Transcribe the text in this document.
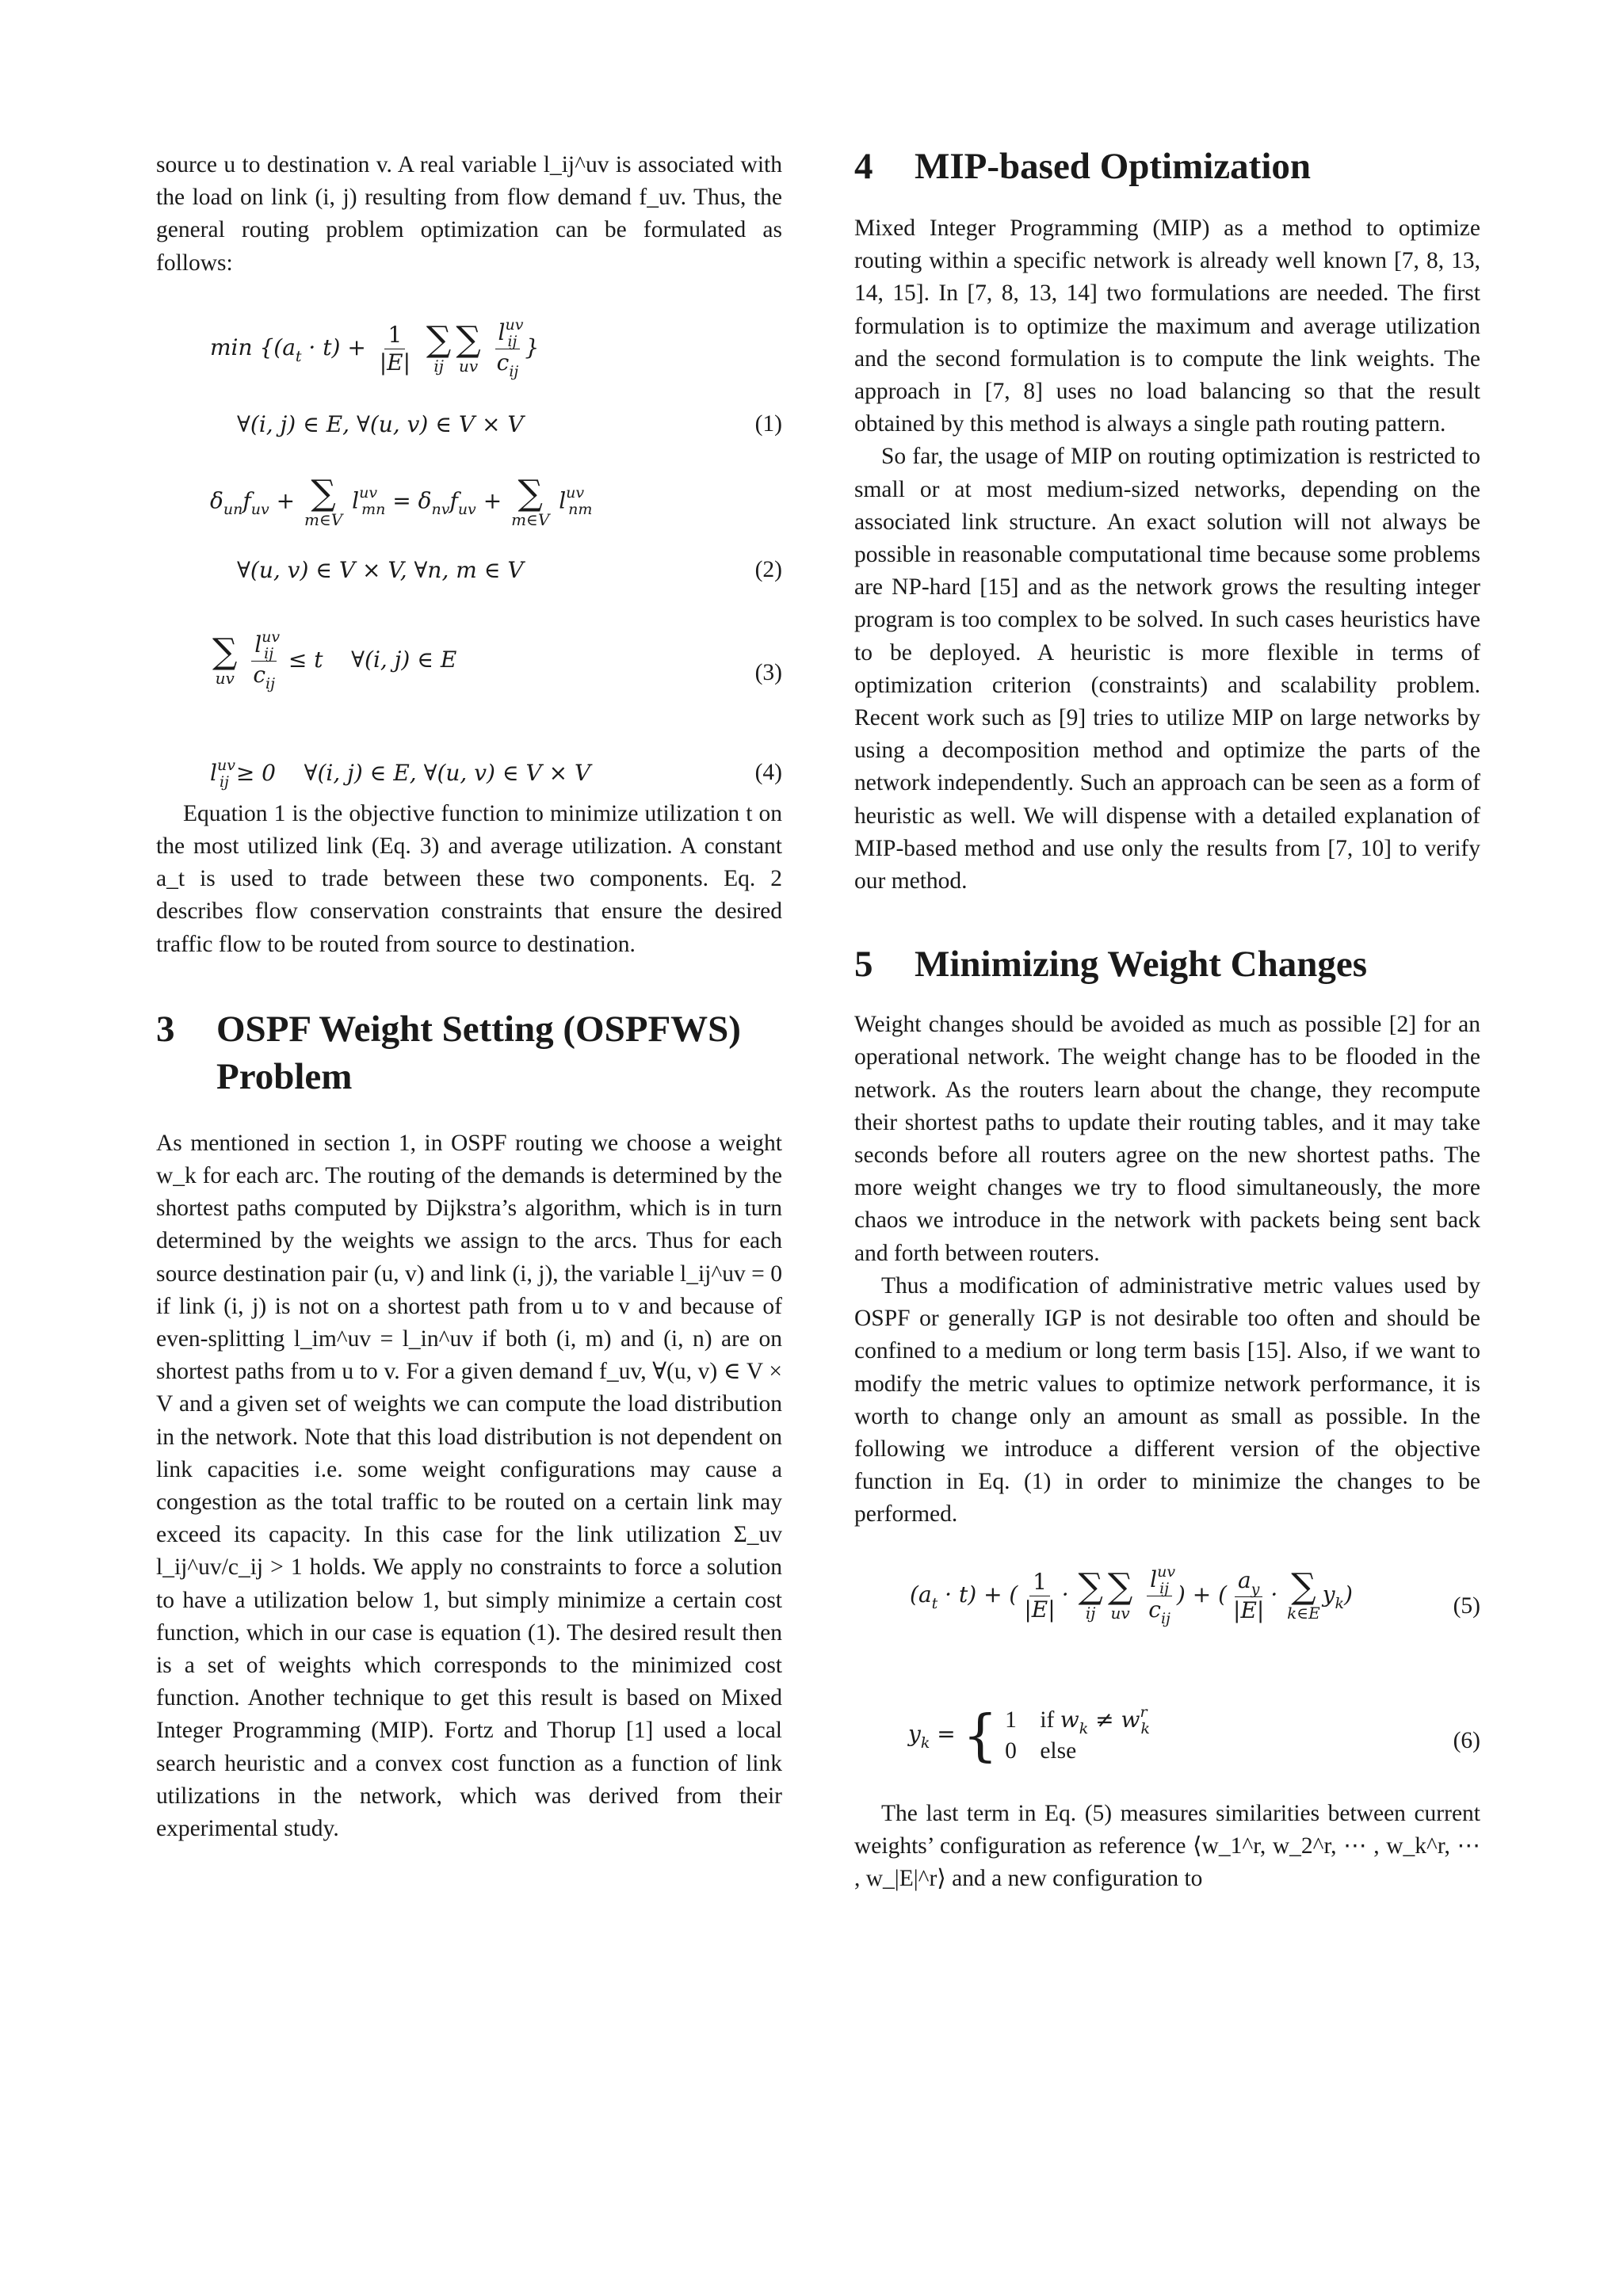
source u to destination v. A real variable l_ij^uv is associated with the load on link (i, j) resulting from flow demand f_uv. Thus, the general routing problem optimization can be formulated as follows:

$\min \{(a_t \cdot t) + \frac{1}{|E|}$
∑
ij
∑
uv
$\frac{l^{uv}_{ij}}{c_{ij}}$ }
∀(i, j) ∈ E, ∀(u, v) ∈ V × V	(1)
$\delta_{un}f_{uv}$ + ∑
m∈V
$l^{uv}_{mn} = \delta_{nv}f_{uv}$ + ∑
m∈V
$l^{uv}_{nm}$
∀(u, v) ∈ V × V, ∀n, m ∈ V	(2)
∑
uv
$\frac{l^{uv}_{ij}}{c_{ij}} \le t$    ∀(i, j) ∈ E	(3)
$l^{uv}_{ij} \ge 0$    ∀(i, j) ∈ E, ∀(u, v) ∈ V × V	(4)

Equation 1 is the objective function to minimize utilization t on the most utilized link (Eq. 3) and average utilization. A constant a_t is used to trade between these two components. Eq. 2 describes flow conservation constraints that ensure the desired traffic flow to be routed from source to destination.

3	OSPF Weight Setting (OSPFWS) Problem

As mentioned in section 1, in OSPF routing we choose a weight w_k for each arc. The routing of the demands is determined by the shortest paths computed by Dijkstra’s algorithm, which is in turn determined by the weights we assign to the arcs. Thus for each source destination pair (u, v) and link (i, j), the variable l_ij^uv = 0 if link (i, j) is not on a shortest path from u to v and because of even-splitting l_im^uv = l_in^uv if both (i, m) and (i, n) are on shortest paths from u to v. For a given demand f_uv, ∀(u, v) ∈ V × V and a given set of weights we can compute the load distribution in the network. Note that this load distribution is not dependent on link capacities i.e. some weight configurations may cause a congestion as the total traffic to be routed on a certain link may exceed its capacity. In this case for the link utilization Σ_uv l_ij^uv/c_ij > 1 holds. We apply no constraints to force a solution to have a utilization below 1, but simply minimize a certain cost function, which in our case is equation (1). The desired result then is a set of weights which corresponds to the minimized cost function. Another technique to get this result is based on Mixed Integer Programming (MIP). Fortz and Thorup [1] used a local search heuristic and a convex cost function as a function of link utilizations in the network, which was derived from their experimental study.

4	MIP-based Optimization

Mixed Integer Programming (MIP) as a method to optimize routing within a specific network is already well known [7, 8, 13, 14, 15]. In [7, 8, 13, 14] two formulations are needed. The first formulation is to optimize the maximum and average utilization and the second formulation is to compute the link weights. The approach in [7, 8] uses no load balancing so that the result obtained by this method is always a single path routing pattern.

So far, the usage of MIP on routing optimization is restricted to small or at most medium-sized networks, depending on the associated link structure. An exact solution will not always be possible in reasonable computational time because some problems are NP-hard [15] and as the network grows the resulting integer program is too complex to be solved. In such cases heuristics have to be deployed. A heuristic is more flexible in terms of optimization criterion (constraints) and scalability problem. Recent work such as [9] tries to utilize MIP on large networks by using a decomposition method and optimize the parts of the network independently. Such an approach can be seen as a form of heuristic as well. We will dispense with a detailed explanation of MIP-based method and use only the results from [7, 10] to verify our method.

5	Minimizing Weight Changes

Weight changes should be avoided as much as possible [2] for an operational network. The weight change has to be flooded in the network. As the routers learn about the change, they recompute their shortest paths to update their routing tables, and it may take seconds before all routers agree on the new shortest paths. The more weight changes we try to flood simultaneously, the more chaos we introduce in the network with packets being sent back and forth between routers.

Thus a modification of administrative metric values used by OSPF or generally IGP is not desirable too often and should be confined to a medium or long term basis [15]. Also, if we want to modify the metric values to optimize network performance, it is worth to change only an amount as small as possible. In the following we introduce a different version of the objective function in Eq. (1) in order to minimize the changes to be performed.

$(a_t \cdot t)$ + ( $\frac{1}{|E|}$ · ∑
ij
∑
uv
$\frac{l^{uv}_{ij}}{c_{ij}}$ ) + ( $\frac{a_y}{|E|}$ · ∑
k∈E
$y_k$)	(5)
$y_k$ = { 1    if $w_k \ne w^r_k$
0    else	(6)

The last term in Eq. (5) measures similarities between current weights’ configuration as reference ⟨w_1^r, w_2^r, ⋯ , w_k^r, ⋯ , w_|E|^r⟩ and a new configuration to
